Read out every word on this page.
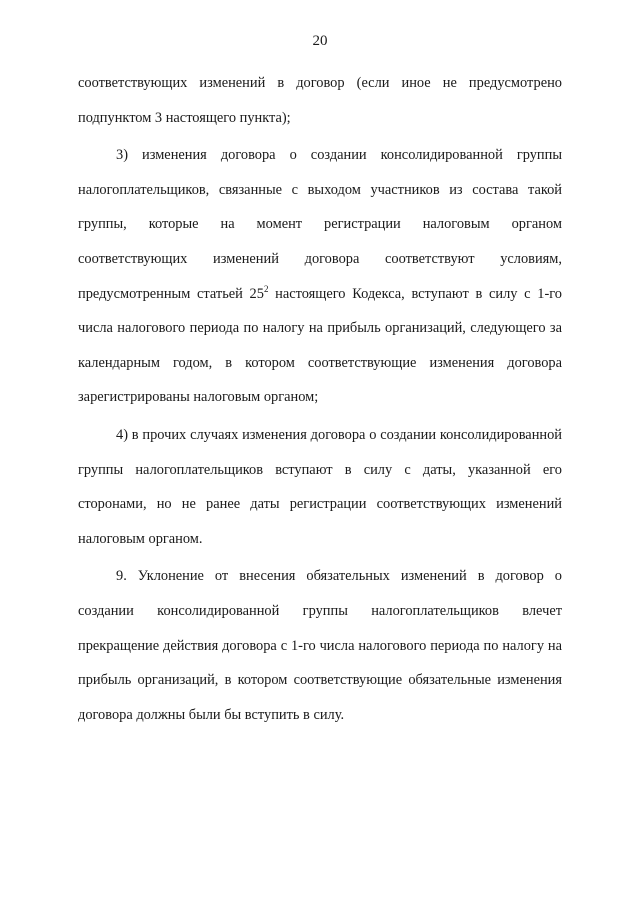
20

соответствующих изменений в договор (если иное не предусмотрено подпунктом 3 настоящего пункта);

3) изменения договора о создании консолидированной группы налогоплательщиков, связанные с выходом участников из состава такой группы, которые на момент регистрации налоговым органом соответствующих изменений договора соответствуют условиям, предусмотренным статьей $25^2$ настоящего Кодекса, вступают в силу с 1-го числа налогового периода по налогу на прибыль организаций, следующего за календарным годом, в котором соответствующие изменения договора зарегистрированы налоговым органом;

4) в прочих случаях изменения договора о создании консолидированной группы налогоплательщиков вступают в силу с даты, указанной его сторонами, но не ранее даты регистрации соответствующих изменений налоговым органом.

9. Уклонение от внесения обязательных изменений в договор о создании консолидированной группы налогоплательщиков влечет прекращение действия договора с 1-го числа налогового периода по налогу на прибыль организаций, в котором соответствующие обязательные изменения договора должны были бы вступить в силу.
